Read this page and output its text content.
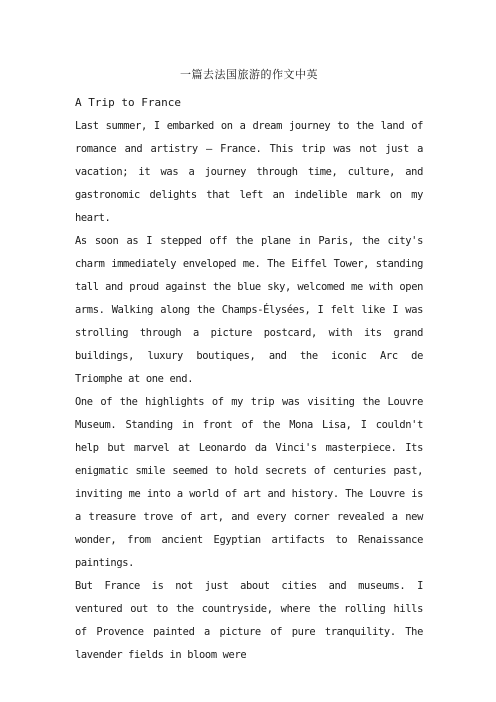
一篇去法国旅游的作文中英
A Trip to France

Last summer, I embarked on a dream journey to the land of romance and artistry – France. This trip was not just a vacation; it was a journey through time, culture, and gastronomic delights that left an indelible mark on my heart.

As soon as I stepped off the plane in Paris, the city's charm immediately enveloped me. The Eiffel Tower, standing tall and proud against the blue sky, welcomed me with open arms. Walking along the Champs-Élysées, I felt like I was strolling through a picture postcard, with its grand buildings, luxury boutiques, and the iconic Arc de Triomphe at one end.

One of the highlights of my trip was visiting the Louvre Museum. Standing in front of the Mona Lisa, I couldn't help but marvel at Leonardo da Vinci's masterpiece. Its enigmatic smile seemed to hold secrets of centuries past, inviting me into a world of art and history. The Louvre is a treasure trove of art, and every corner revealed a new wonder, from ancient Egyptian artifacts to Renaissance paintings.

But France is not just about cities and museums. I ventured out to the countryside, where the rolling hills of Provence painted a picture of pure tranquility. The lavender fields in bloom were
